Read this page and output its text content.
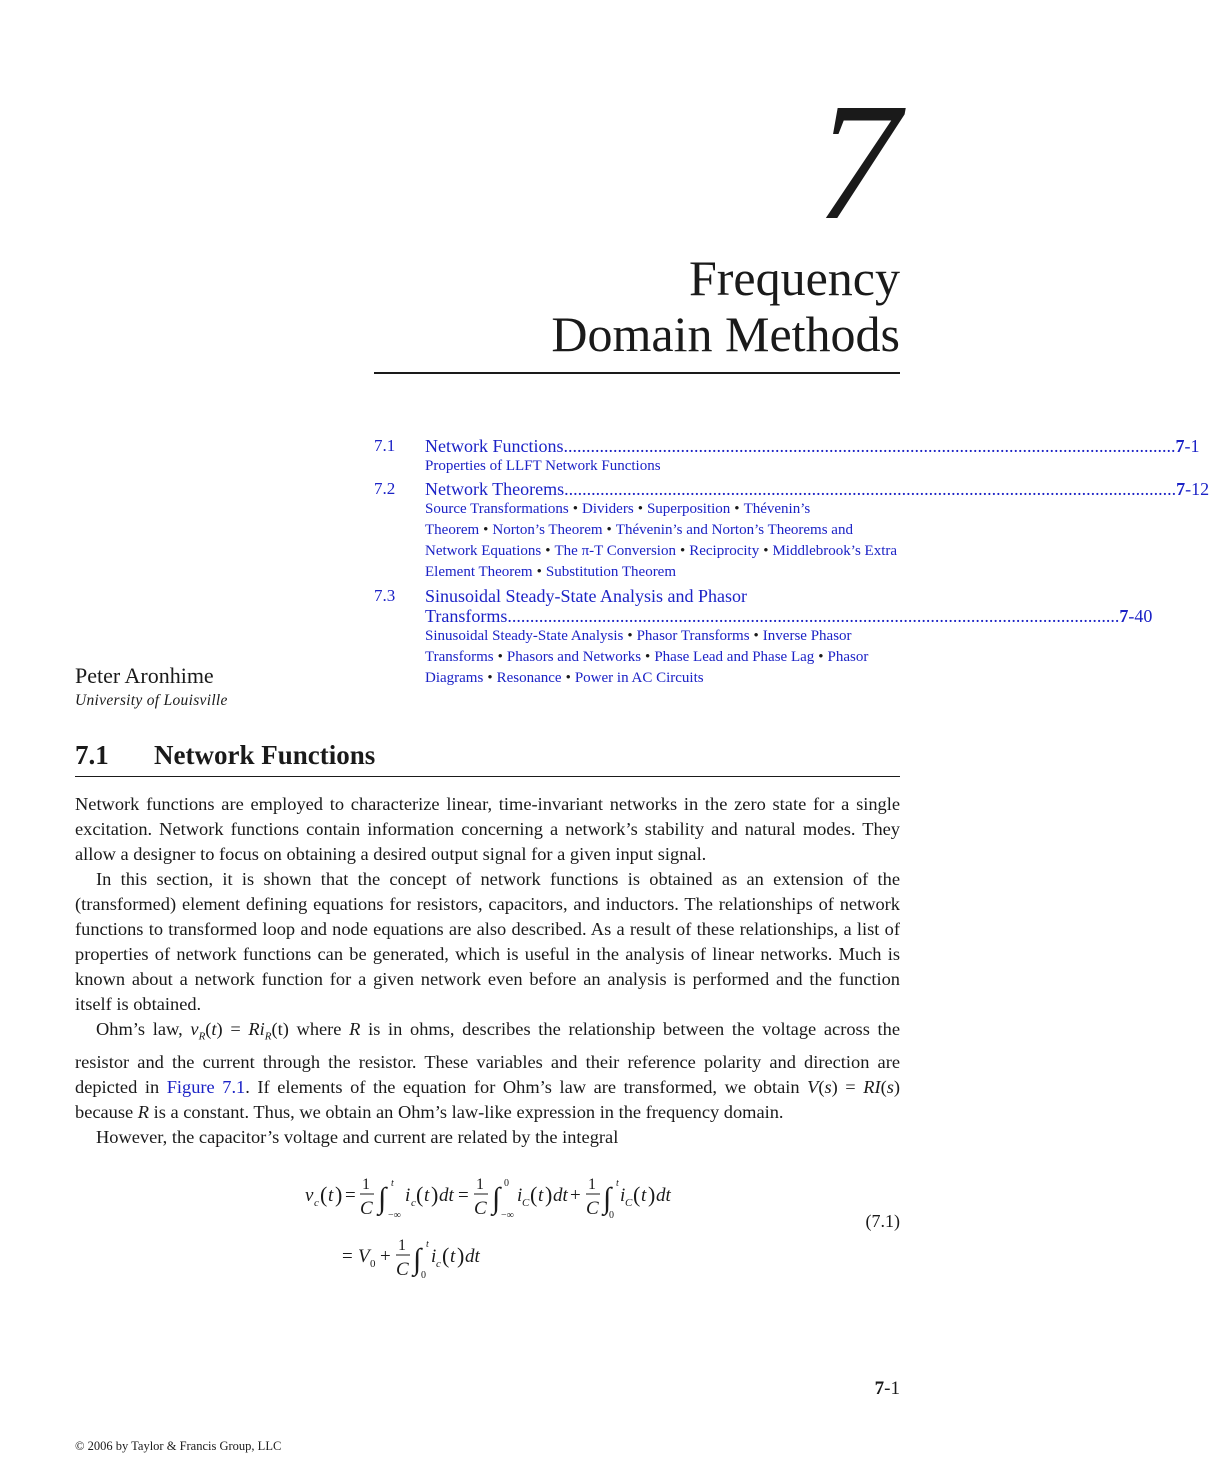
7
Frequency
Domain Methods
7.1 Network Functions ........................................................................................................................................ 7-1
Properties of LLFT Network Functions
7.2 Network Theorems ........................................................................................................................................ 7-12
Source Transformations • Dividers • Superposition • Thévenin’s Theorem • Norton’s Theorem • Thévenin’s and Norton’s Theorems and Network Equations • The π-T Conversion • Reciprocity • Middlebrook’s Extra Element Theorem • Substitution Theorem
7.3 Sinusoidal Steady-State Analysis and Phasor
Transforms ........................................................................................................................................ 7-40
Sinusoidal Steady-State Analysis • Phasor Transforms • Inverse Phasor Transforms • Phasors and Networks • Phase Lead and Phase Lag • Phasor Diagrams • Resonance • Power in AC Circuits
Peter Aronhime
University of Louisville
7.1 Network Functions

Network functions are employed to characterize linear, time-invariant networks in the zero state for a single excitation. Network functions contain information concerning a network’s stability and natural modes. They allow a designer to focus on obtaining a desired output signal for a given input signal.

In this section, it is shown that the concept of network functions is obtained as an extension of the (transformed) element defining equations for resistors, capacitors, and inductors. The relationships of network functions to transformed loop and node equations are also described. As a result of these relationships, a list of properties of network functions can be generated, which is useful in the analysis of linear networks. Much is known about a network function for a given network even before an analysis is performed and the function itself is obtained.

Ohm’s law, $v_R(t) = Ri_R(t)$ where R is in ohms, describes the relationship between the voltage across the resistor and the current through the resistor. These variables and their reference polarity and direction are depicted in Figure 7.1. If elements of the equation for Ohm’s law are transformed, we obtain V(s) = RI(s) because R is a constant. Thus, we obtain an Ohm’s law-like expression in the frequency domain.

However, the capacitor’s voltage and current are related by the integral

v c ( t ) =
1
C ∫ t
−∞
i c ( t ) dt =
1
C ∫ 0
−∞
i C ( t ) dt +
1
C ∫ t
0
i C ( t ) dt
= V 0 +
1
C ∫ t
0
i c ( t ) dt
(7.1)
7-1
© 2006 by Taylor & Francis Group, LLC
